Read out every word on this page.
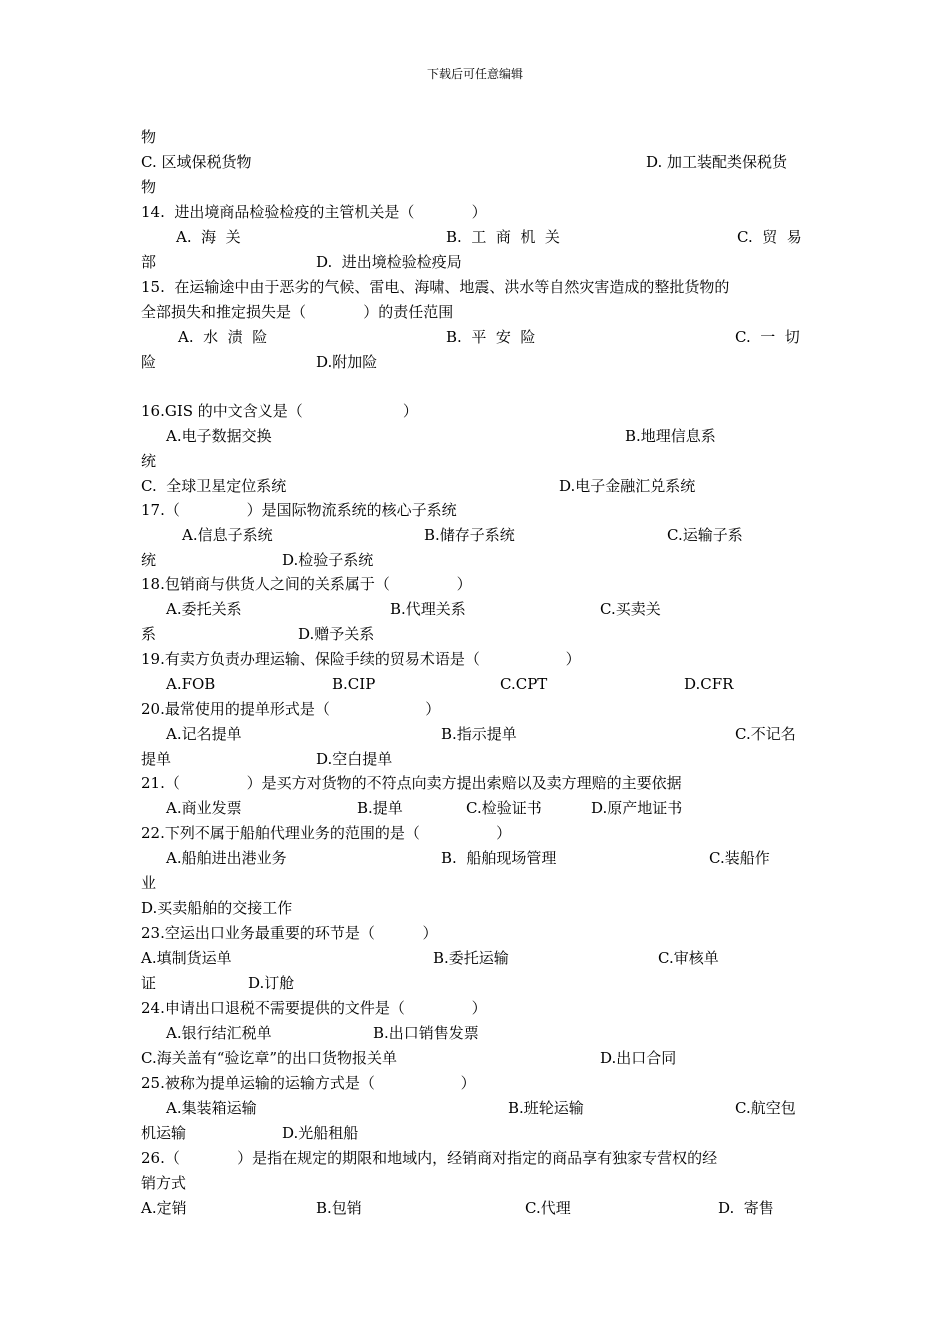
下载后可任意编辑
物
C. 区域保税货物	D. 加工装配类保税货
物
14.  进出境商品检验检疫的主管机关是（            ）
A.  海  关	B.  工  商  机  关	C.  贸  易
部	D.  进出境检验检疫局
15.  在运输途中由于恶劣的气候、雷电、海啸、地震、洪水等自然灾害造成的整批货物的
全部损失和推定损失是（            ）的责任范围
A.  水  渍  险	B.  平  安  险	C.  一  切
险	D.附加险
16.GIS 的中文含义是（                     ）
A.电子数据交换	B.地理信息系
统
C.  全球卫星定位系统	D.电子金融汇兑系统
17.（              ）是国际物流系统的核心子系统
A.信息子系统	B.储存子系统	C.运输子系
统	D.检验子系统
18.包销商与供货人之间的关系属于（              ）
A.委托关系	B.代理关系	C.买卖关
系	D.赠予关系
19.有卖方负责办理运输、保险手续的贸易术语是（                  ）
A.FOB	B.CIP	C.CPT	D.CFR
20.最常使用的提单形式是（                    ）
A.记名提单	B.指示提单	C.不记名
提单	D.空白提单
21.（              ）是买方对货物的不符点向卖方提出索赔以及卖方理赔的主要依据
A.商业发票	B.提单	C.检验证书	D.原产地证书
22.下列不属于船舶代理业务的范围的是（                ）
A.船舶进出港业务	B.  船舶现场管理	C.装船作
业
D.买卖船舶的交接工作
23.空运出口业务最重要的环节是（          ）
A.填制货运单	B.委托运输	C.审核单
证	D.订舱
24.申请出口退税不需要提供的文件是（              ）
A.银行结汇税单	B.出口销售发票
C.海关盖有“验讫章”的出口货物报关单	D.出口合同
25.被称为提单运输的运输方式是（                  ）
A.集装箱运输	B.班轮运输	C.航空包
机运输	D.光船租船
26.（            ）是指在规定的期限和地域内，经销商对指定的商品享有独家专营权的经
销方式
A.定销	B.包销	C.代理	D.  寄售
